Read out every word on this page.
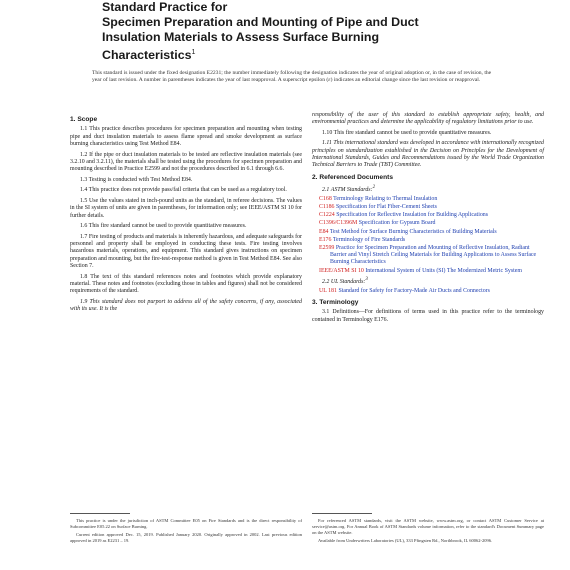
Standard Practice for

Specimen Preparation and Mounting of Pipe and Duct

Insulation Materials to Assess Surface Burning

Characteristics$^1$

This standard is issued under the fixed designation E2231; the number immediately following the designation indicates the year of original adoption or, in the case of revision, the year of last revision. A number in parentheses indicates the year of last reapproval. A superscript epsilon (ε) indicates an editorial change since the last revision or reapproval.
1. Scope

1.1 This practice describes procedures for specimen preparation and mounting when testing pipe and duct insulation materials to assess flame spread and smoke development as surface burning characteristics using Test Method E84.

1.2 If the pipe or duct insulation materials to be tested are reflective insulation materials (see 3.2.10 and 3.2.11), the materials shall be tested using the procedures for specimen preparation and mounting described in Practice E2599 and not the procedures described in 6.1 through 6.6.

1.3 Testing is conducted with Test Method E84.

1.4 This practice does not provide pass/fail criteria that can be used as a regulatory tool.

1.5 Use the values stated in inch-pound units as the standard, in referee decisions. The values in the SI system of units are given in parentheses, for information only; see IEEE/ASTM SI 10 for further details.

1.6 This fire standard cannot be used to provide quantitative measures.

1.7 Fire testing of products and materials is inherently hazardous, and adequate safeguards for personnel and property shall be employed in conducting these tests. Fire testing involves hazardous materials, operations, and equipment. This standard gives instructions on specimen preparation and mounting, but the fire-test-response method is given in Test Method E84. See also Section 7.

1.8 The text of this standard references notes and footnotes which provide explanatory material. These notes and footnotes (excluding those in tables and figures) shall not be considered requirements of the standard.

1.9 This standard does not purport to address all of the safety concerns, if any, associated with its use. It is the

responsibility of the user of this standard to establish appropriate safety, health, and environmental practices and determine the applicability of regulatory limitations prior to use.

1.10 This fire standard cannot be used to provide quantitative measures.

1.11 This international standard was developed in accordance with internationally recognized principles on standardization established in the Decision on Principles for the Development of International Standards, Guides and Recommendations issued by the World Trade Organization Technical Barriers to Trade (TBT) Committee.

2. Referenced Documents

2.1 ASTM Standards:$^2$

C168 Terminology Relating to Thermal Insulation
C1186 Specification for Flat Fiber-Cement Sheets
C1224 Specification for Reflective Insulation for Building Applications
C1396/C1396M Specification for Gypsum Board
E84 Test Method for Surface Burning Characteristics of Building Materials
E176 Terminology of Fire Standards
E2599 Practice for Specimen Preparation and Mounting of Reflective Insulation, Radiant Barrier and Vinyl Stretch Ceiling Materials for Building Applications to Assess Surface Burning Characteristics
IEEE/ASTM SI 10 International System of Units (SI) The Modernized Metric System

2.2 UL Standards:$^3$

UL 181 Standard for Safety for Factory-Made Air Ducts and Connectors
3. Terminology

3.1 Definitions—For definitions of terms used in this practice refer to the terminology contained in Terminology E176.

This practice is under the jurisdiction of ASTM Committee E05 on Fire Standards and is the direct responsibility of Subcommittee E05.22 on Surface Burning.

Current edition approved Dec. 15, 2019. Published January 2020. Originally approved in 2002. Last previous edition approved in 2019 as E2231 – 19.

For referenced ASTM standards, visit the ASTM website, www.astm.org, or contact ASTM Customer Service at service@astm.org. For Annual Book of ASTM Standards volume information, refer to the standard's Document Summary page on the ASTM website.

Available from Underwriters Laboratories (UL), 333 Pfingsten Rd., Northbrook, IL 60062-2096.
